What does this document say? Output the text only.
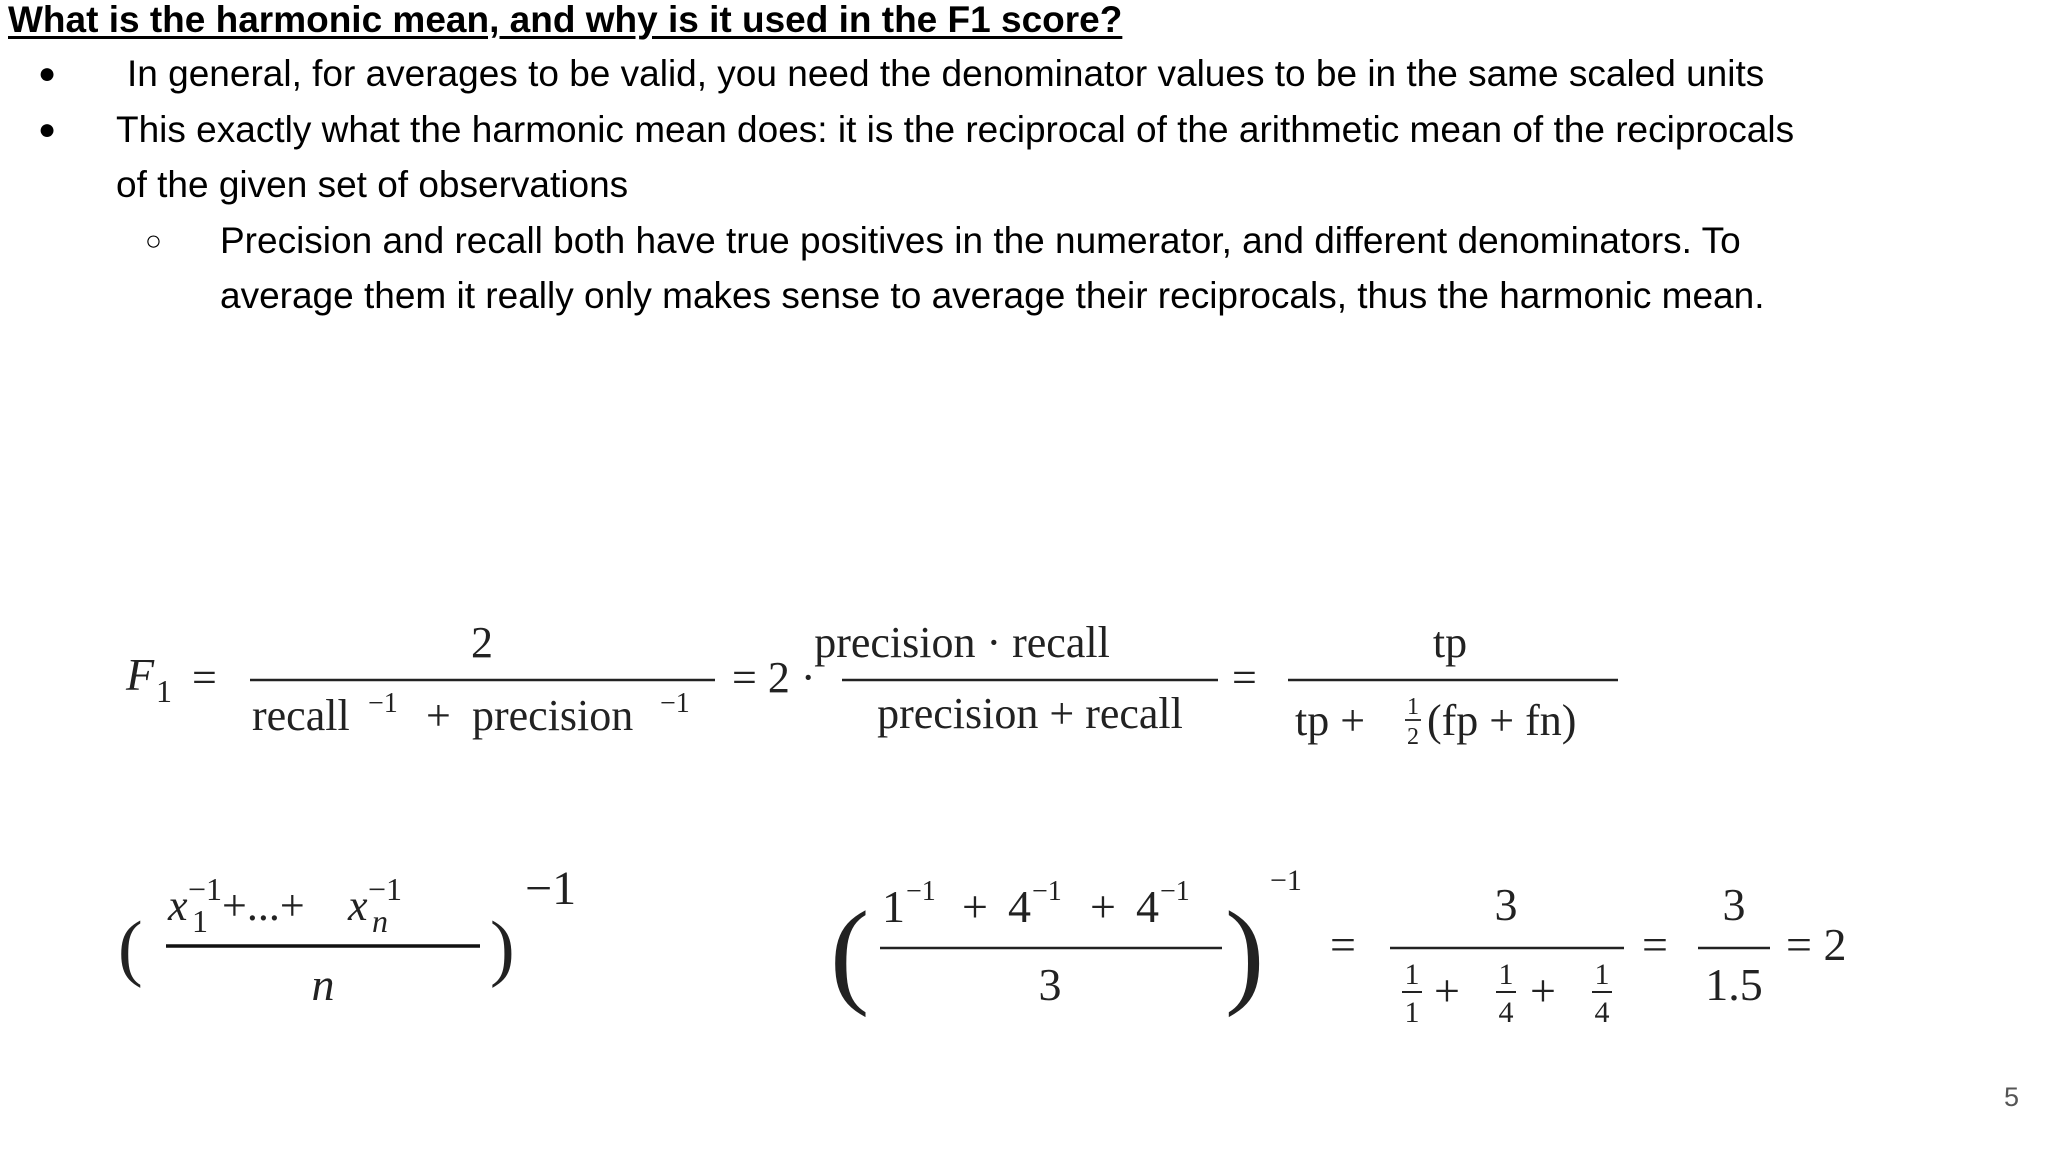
What is the harmonic mean, and why is it used in the F1 score?
● In general, for averages to be valid, you need the denominator values to be in the same scaled units
● This exactly what the harmonic mean does: it is the reciprocal of the arithmetic mean of the reciprocals
of the given set of observations
○ Precision and recall both have true positives in the numerator, and different denominators. To
average them it really only makes sense to average their reciprocals, thus the harmonic mean.
F 1 =
2
recall −1 + precision −1
= 2 ·
precision · recall
precision + recall
=
tp
tp + 1
2 (fp + fn)
(
x 1
−1 +...+ x n
−1
n )
−1 ( 1 −1 + 4 −1 + 4 −1
3 )
−1
=
3
1
1 + 1
4 + 1
4
=
3
1.5
= 2
5
